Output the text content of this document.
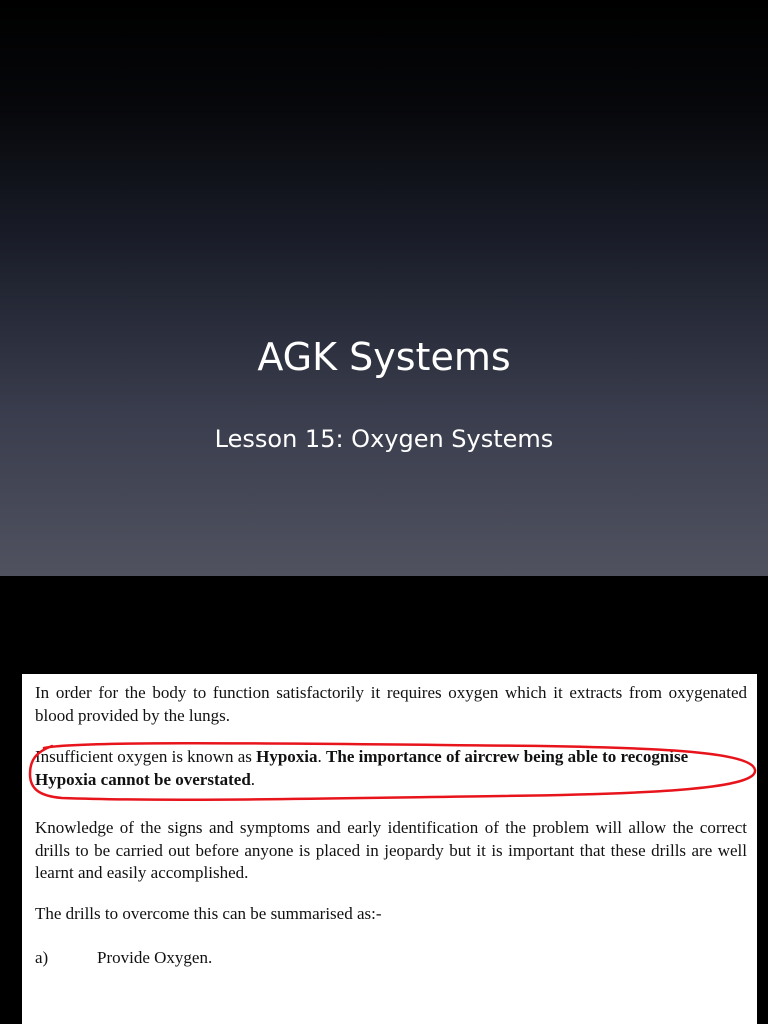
AGK Systems
Lesson 15: Oxygen Systems

In order for the body to function satisfactorily it requires oxygen which it extracts from oxygenated blood provided by the lungs.

Insufficient oxygen is known as Hypoxia. The importance of aircrew being able to recognise Hypoxia cannot be overstated.

Knowledge of the signs and symptoms and early identification of the problem will allow the correct drills to be carried out before anyone is placed in jeopardy but it is important that these drills are well learnt and easily accomplished.

The drills to overcome this can be summarised as:-

a)	Provide Oxygen.
